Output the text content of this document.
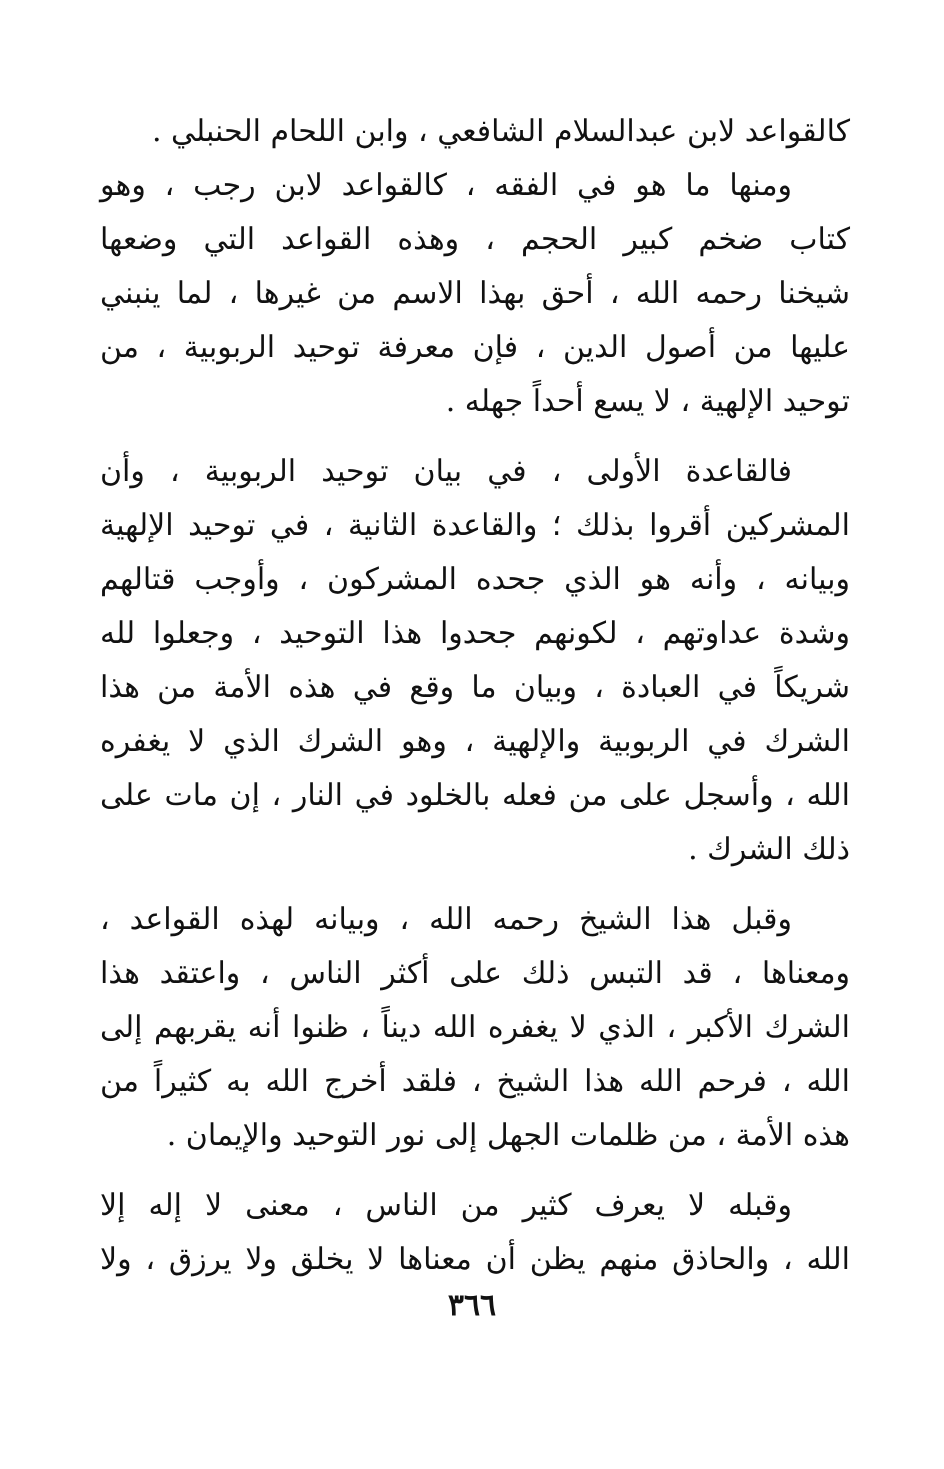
كالقواعد لابن عبدالسلام الشافعي ، وابن اللحام الحنبلي .
ومنها ما هو في الفقه ، كالقواعد لابن رجب ، وهو
كتاب ضخم كبير الحجم ، وهذه القواعد التي وضعها
شيخنا رحمه الله ، أحق بهذا الاسم من غيرها ، لما ينبني
عليها من أصول الدين ، فإن معرفة توحيد الربوبية ، من
توحيد الإلهية ، لا يسع أحداً جهله .
فالقاعدة الأولى ، في بيان توحيد الربوبية ، وأن
المشركين أقروا بذلك ؛ والقاعدة الثانية ، في توحيد الإلهية
وبيانه ، وأنه هو الذي جحده المشركون ، وأوجب قتالهم
وشدة عداوتهم ، لكونهم جحدوا هذا التوحيد ، وجعلوا لله
شريكاً في العبادة ، وبيان ما وقع في هذه الأمة من هذا
الشرك في الربوبية والإلهية ، وهو الشرك الذي لا يغفره
الله ، وأسجل على من فعله بالخلود في النار ، إن مات على
ذلك الشرك .
وقبل هذا الشيخ رحمه الله ، وبيانه لهذه القواعد ،
ومعناها ، قد التبس ذلك على أكثر الناس ، واعتقد هذا
الشرك الأكبر ، الذي لا يغفره الله ديناً ، ظنوا أنه يقربهم إلى
الله ، فرحم الله هذا الشيخ ، فلقد أخرج الله به كثيراً من
هذه الأمة ، من ظلمات الجهل إلى نور التوحيد والإيمان .
وقبله لا يعرف كثير من الناس ، معنى لا إله إلا
الله ، والحاذق منهم يظن أن معناها لا يخلق ولا يرزق ، ولا
٣٦٦
